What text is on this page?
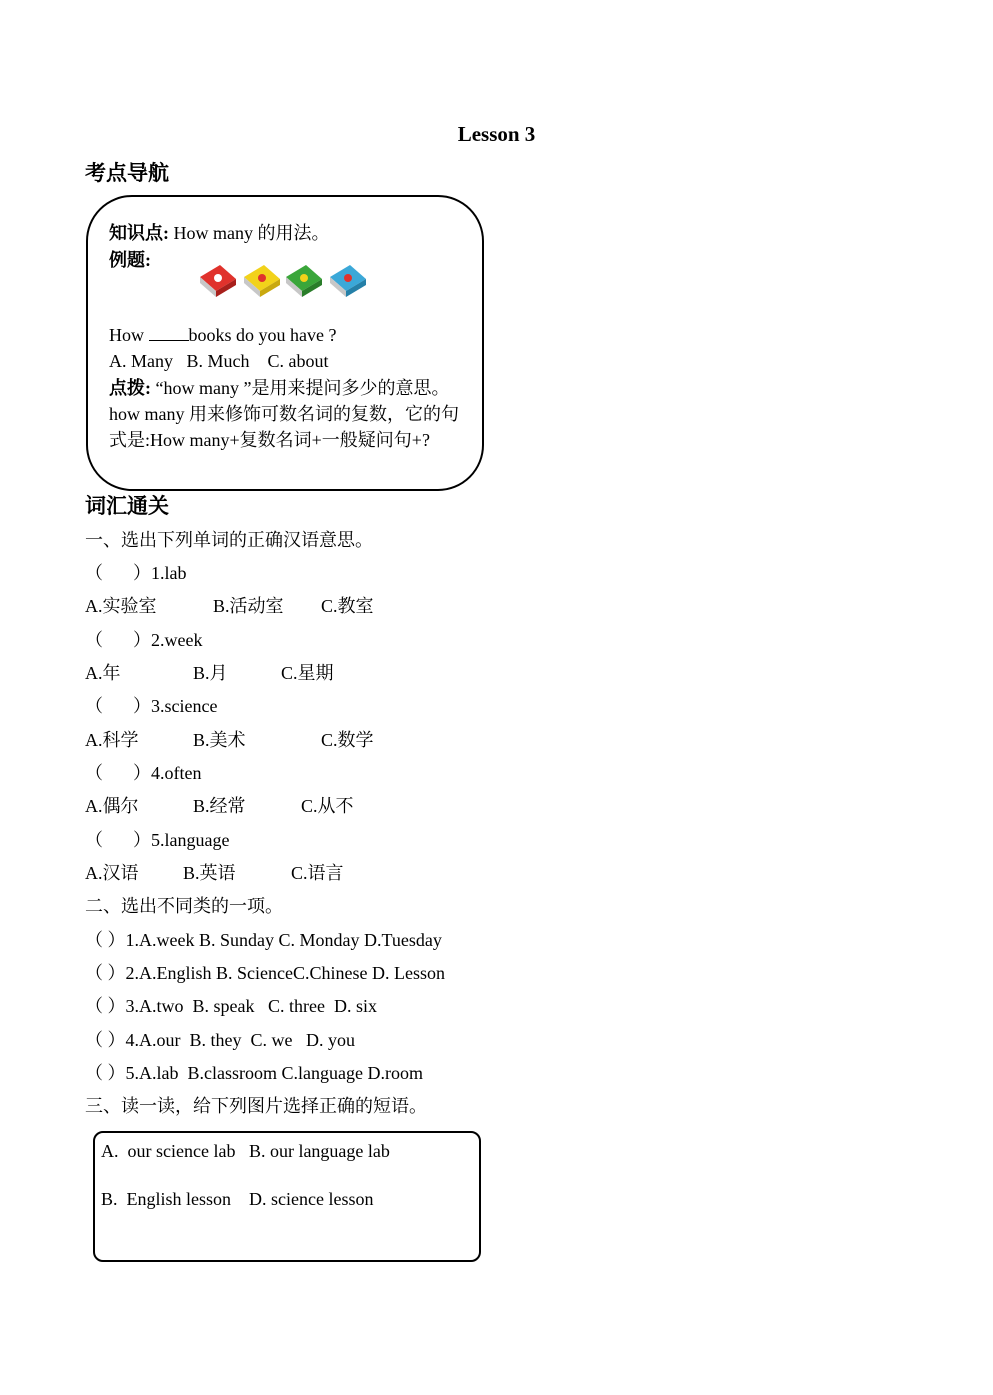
Lesson 3
考点导航
知识点: How many 的用法。
例题:
How books do you have ?
A. Many   B. Much    C. about
点拨: “how many ”是用来提问多少的意思。how many 用来修饰可数名词的复数，它的句式是:How many+复数名词+一般疑问句+?
词汇通关
一、选出下列单词的正确汉语意思。
（ ）1.lab
A.实验室	B.活动室 C.教室
（ ）2.week
A.年	B.月	C.星期
（ ）3.science
A.科学	B.美术	C.数学
（ ）4.often
A.偶尔	B.经常	C.从不
（ ）5.language
A.汉语 B.英语	C.语言
二、选出不同类的一项。
（ ）1.A.week B. Sunday C. Monday D.Tuesday
（ ）2.A.English B. ScienceC.Chinese D. Lesson
（ ）3.A.two  B. speak   C. three  D. six
（ ）4.A.our  B. they  C. we   D. you
（ ）5.A.lab  B.classroom C.language D.room
三、读一读，给下列图片选择正确的短语。
A.  our science lab   B. our language lab
B.  English lesson    D. science lesson
